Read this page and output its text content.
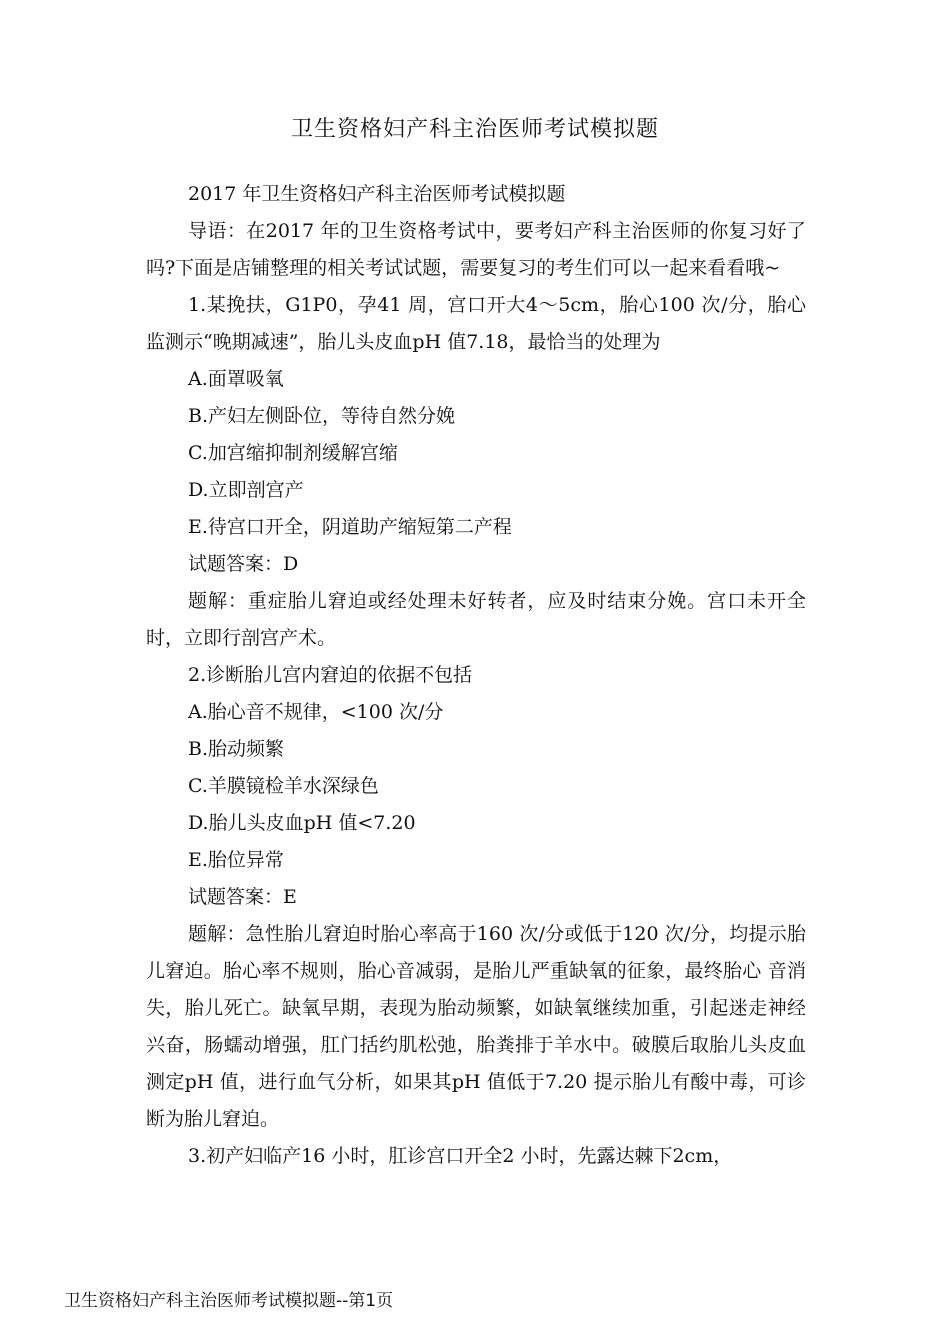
卫生资格妇产科主治医师考试模拟题

2017 年卫生资格妇产科主治医师考试模拟题

导语：在2017 年的卫生资格考试中，要考妇产科主治医师的你复习好了吗?下面是店铺整理的相关考试试题，需要复习的考生们可以一起来看看哦~

1.某挽扶，G1P0，孕41 周，宫口开大4～5cm，胎心100 次/分，胎心监测示“晚期减速”，胎儿头皮血pH 值7.18，最恰当的处理为

A.面罩吸氧

B.产妇左侧卧位，等待自然分娩

C.加宫缩抑制剂缓解宫缩

D.立即剖宫产

E.待宫口开全，阴道助产缩短第二产程

试题答案：D

题解：重症胎儿窘迫或经处理未好转者，应及时结束分娩。宫口未开全时，立即行剖宫产术。

2.诊断胎儿宫内窘迫的依据不包括

A.胎心音不规律，<100 次/分

B.胎动频繁

C.羊膜镜检羊水深绿色

D.胎儿头皮血pH 值<7.20

E.胎位异常

试题答案：E

题解：急性胎儿窘迫时胎心率高于160 次/分或低于120 次/分，均提示胎儿窘迫。胎心率不规则，胎心音减弱，是胎儿严重缺氧的征象，最终胎心 音消失，胎儿死亡。缺氧早期，表现为胎动频繁，如缺氧继续加重，引起迷走神经兴奋，肠蠕动增强，肛门括约肌松弛，胎粪排于羊水中。破膜后取胎儿头皮血测定pH 值，进行血气分析，如果其pH 值低于7.20 提示胎儿有酸中毒，可诊断为胎儿窘迫。

3.初产妇临产16 小时，肛诊宫口开全2 小时，先露达棘下2cm，

卫生资格妇产科主治医师考试模拟题--第1页
